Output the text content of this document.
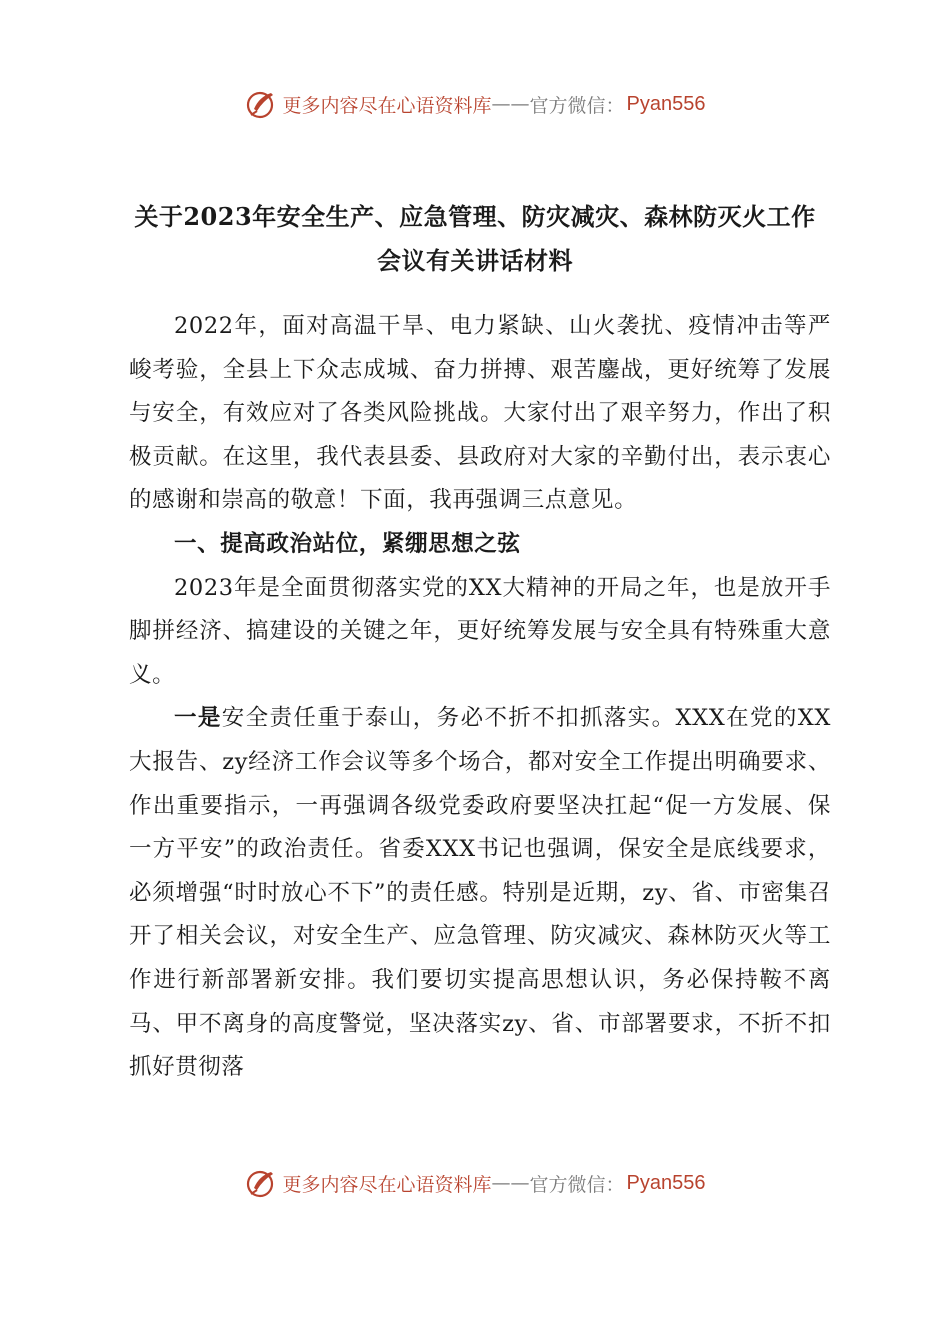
更多内容尽在心语资料库 —— 官方微信： Pyan556
关于2023年安全生产、应急管理、防灾减灾、森林防灭火工作
会议有关讲话材料

2022年，面对高温干旱、电力紧缺、山火袭扰、疫情冲击等严峻考验，全县上下众志成城、奋力拼搏、艰苦鏖战，更好统筹了发展与安全，有效应对了各类风险挑战。大家付出了艰辛努力，作出了积极贡献。在这里，我代表县委、县政府对大家的辛勤付出，表示衷心的感谢和崇高的敬意！下面，我再强调三点意见。

一、提高政治站位，紧绷思想之弦

2023年是全面贯彻落实党的XX大精神的开局之年，也是放开手脚拼经济、搞建设的关键之年，更好统筹发展与安全具有特殊重大意义。

一是安全责任重于泰山，务必不折不扣抓落实。XXX在党的XX大报告、zy经济工作会议等多个场合，都对安全工作提出明确要求、作出重要指示，一再强调各级党委政府要坚决扛起“促一方发展、保一方平安”的政治责任。省委XXX书记也强调，保安全是底线要求，必须增强“时时放心不下”的责任感。特别是近期，zy、省、市密集召开了相关会议，对安全生产、应急管理、防灾减灾、森林防灭火等工作进行新部署新安排。我们要切实提高思想认识，务必保持鞍不离马、甲不离身的高度警觉，坚决落实zy、省、市部署要求，不折不扣抓好贯彻落

更多内容尽在心语资料库 —— 官方微信： Pyan556
